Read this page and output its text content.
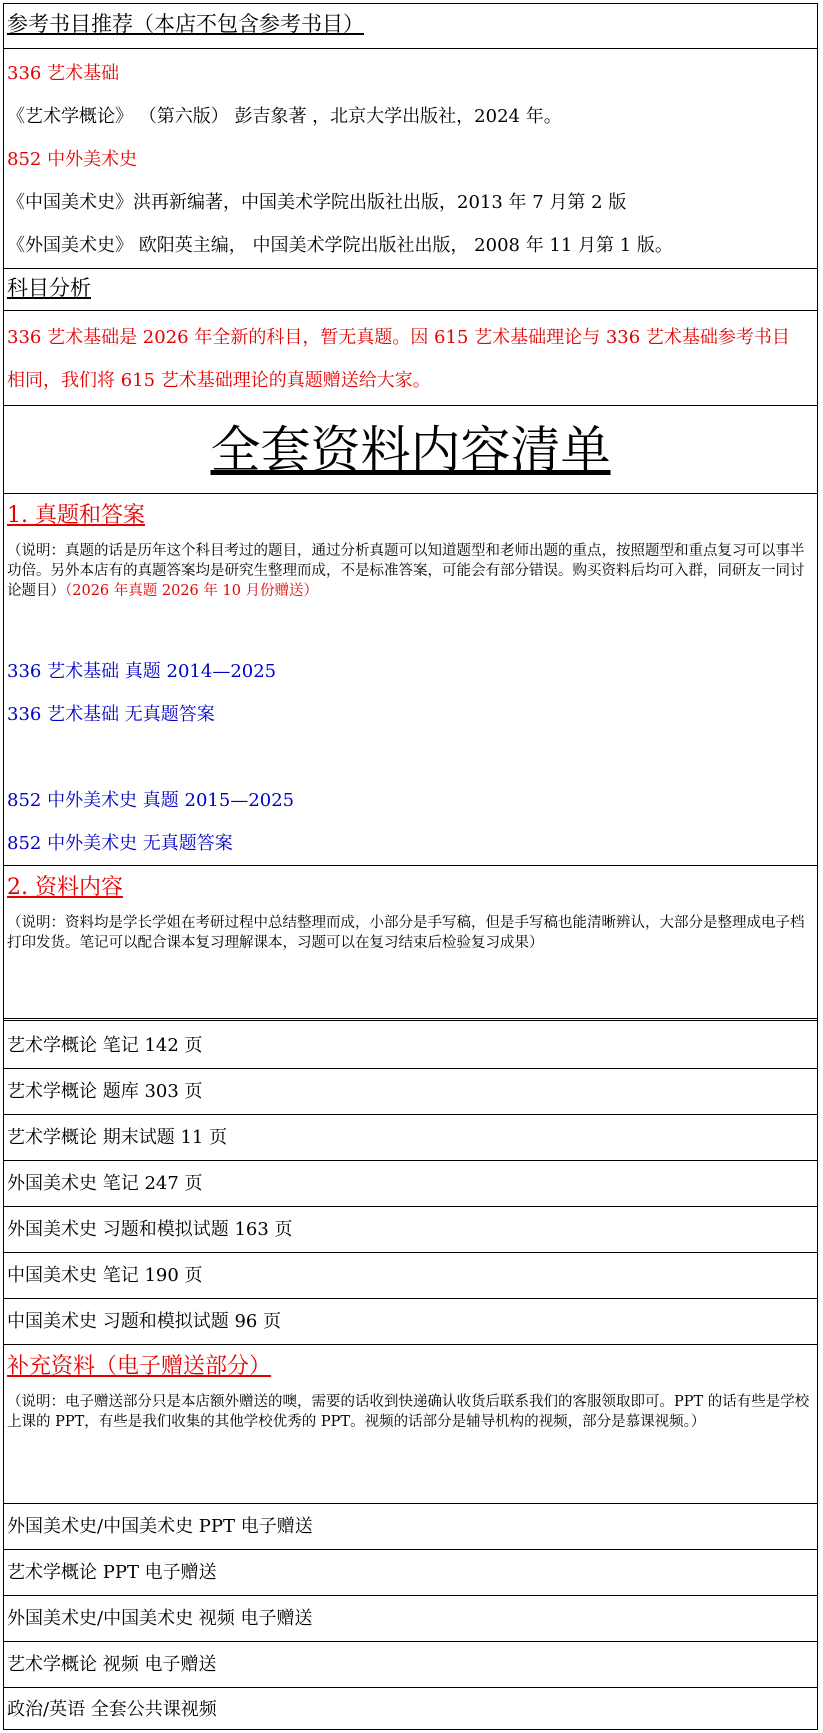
参考书目推荐（本店不包含参考书目）
336 艺术基础
《艺术学概论》 （第六版） 彭吉象著 ，北京大学出版社，2024 年。
852 中外美术史
《中国美术史》洪再新编著，中国美术学院出版社出版，2013 年 7 月第 2 版
《外国美术史》 欧阳英主编， 中国美术学院出版社出版， 2008 年 11 月第 1 版。
科目分析
336 艺术基础是 2026 年全新的科目，暂无真题。因 615 艺术基础理论与 336 艺术基础参考书目
相同，我们将 615 艺术基础理论的真题赠送给大家。
全套资料内容清单
1. 真题和答案
（说明：真题的话是历年这个科目考过的题目，通过分析真题可以知道题型和老师出题的重点，按照题型和重点复习可以事半功倍。另外本店有的真题答案均是研究生整理而成，不是标准答案，可能会有部分错误。购买资料后均可入群，同研友一同讨论题目）（2026 年真题 2026 年 10 月份赠送）
336 艺术基础 真题 2014—2025
336 艺术基础 无真题答案
852 中外美术史 真题 2015—2025
852 中外美术史 无真题答案
2. 资料内容
（说明：资料均是学长学姐在考研过程中总结整理而成，小部分是手写稿，但是手写稿也能清晰辨认，大部分是整理成电子档打印发货。笔记可以配合课本复习理解课本，习题可以在复习结束后检验复习成果）
艺术学概论 笔记 142 页
艺术学概论 题库 303 页
艺术学概论 期末试题 11 页
外国美术史 笔记 247 页
外国美术史 习题和模拟试题 163 页
中国美术史 笔记 190 页
中国美术史 习题和模拟试题 96 页
补充资料（电子赠送部分）
（说明：电子赠送部分只是本店额外赠送的噢，需要的话收到快递确认收货后联系我们的客服领取即可。PPT 的话有些是学校上课的 PPT，有些是我们收集的其他学校优秀的 PPT。视频的话部分是辅导机构的视频，部分是慕课视频。）
外国美术史/中国美术史 PPT 电子赠送
艺术学概论 PPT 电子赠送
外国美术史/中国美术史 视频 电子赠送
艺术学概论 视频 电子赠送
政治/英语 全套公共课视频
